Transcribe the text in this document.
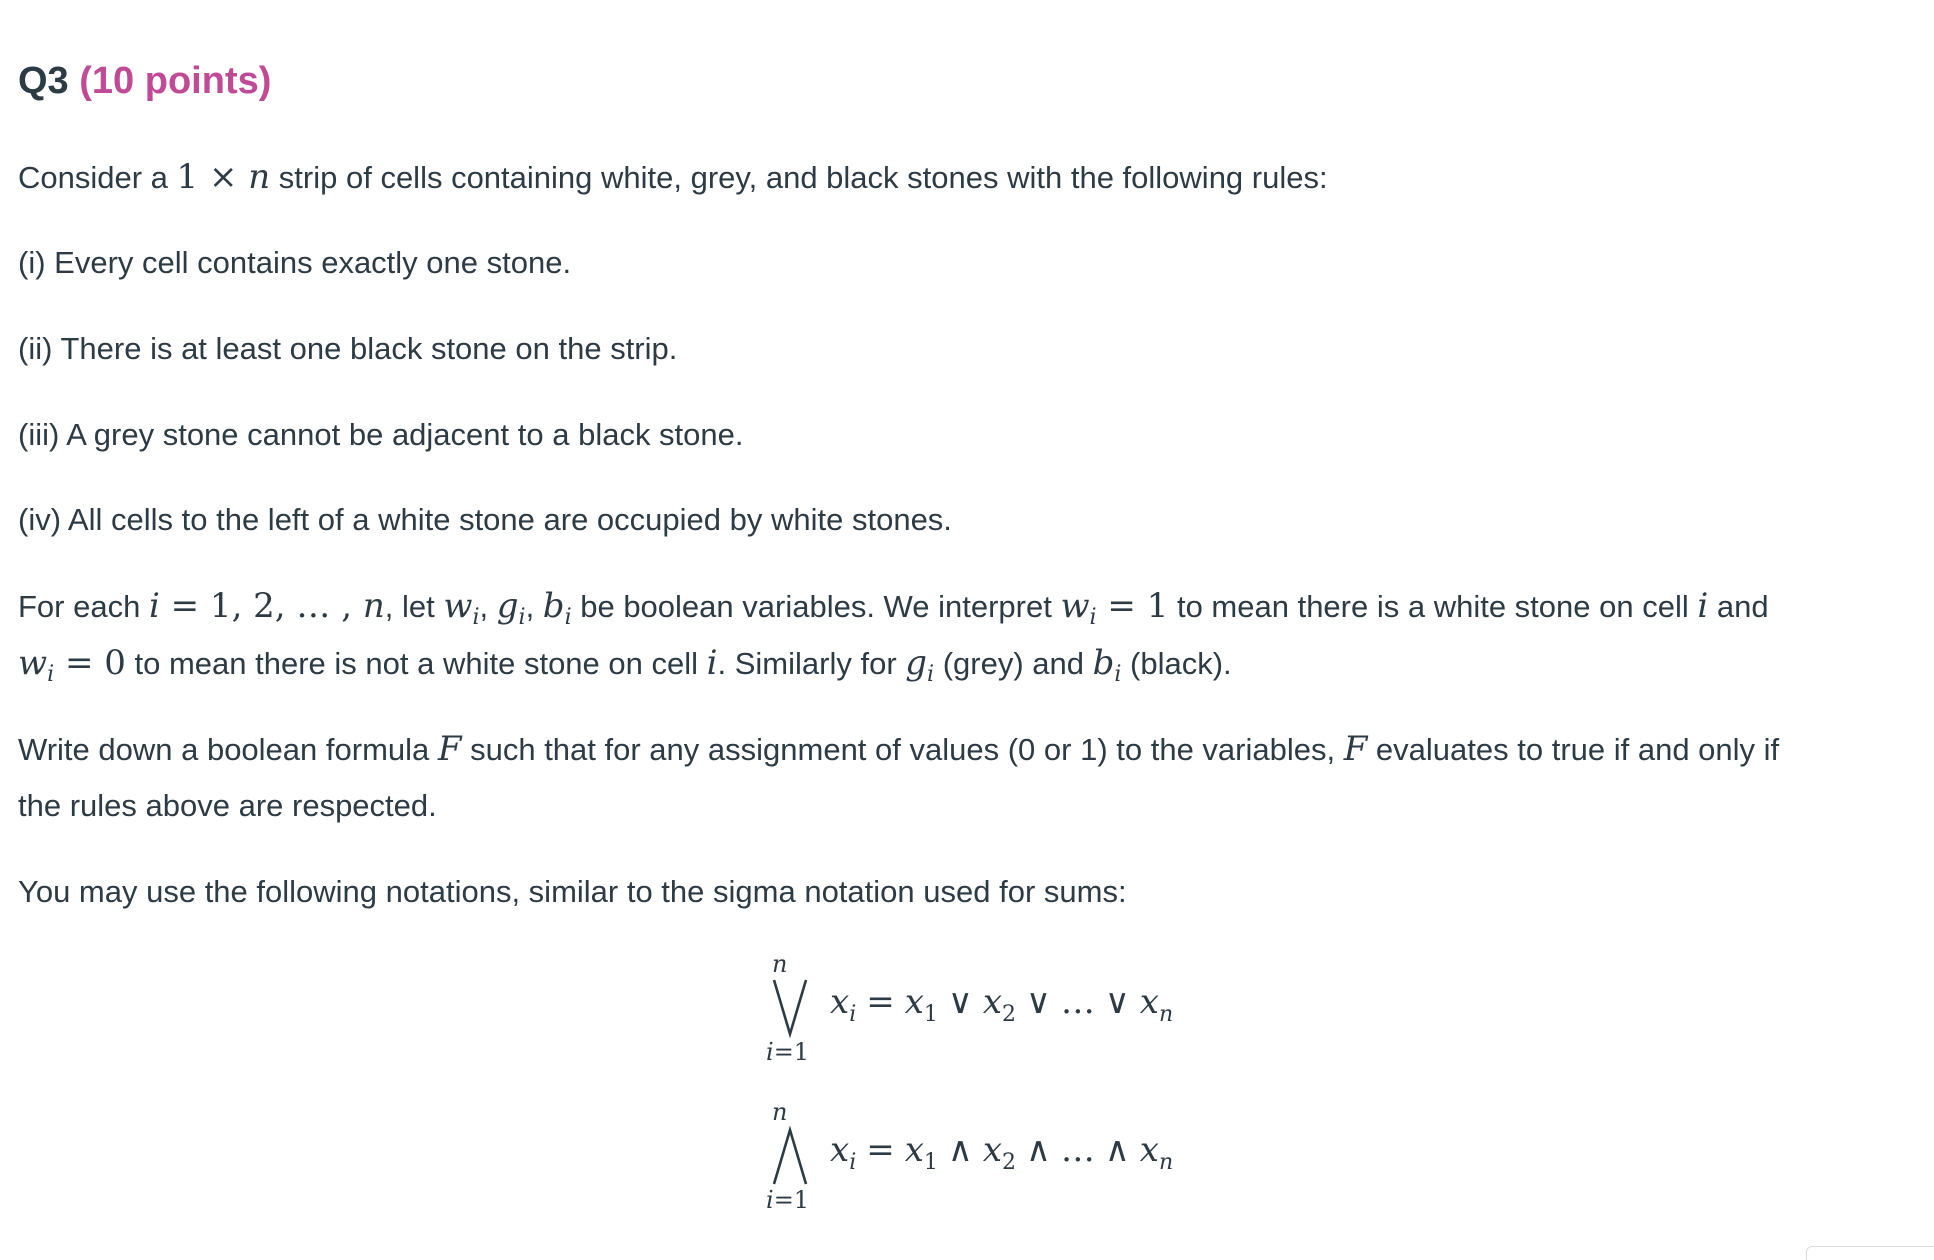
Q3 (10 points)
Consider a 1 × n strip of cells containing white, grey, and black stones with the following rules:
(i) Every cell contains exactly one stone.
(ii) There is at least one black stone on the strip.
(iii) A grey stone cannot be adjacent to a black stone.
(iv) All cells to the left of a white stone are occupied by white stones.
For each i = 1, 2, … , n, let $w_i$, $g_i$, $b_i$ be boolean variables. We interpret $w_i = 1$ to mean there is a white stone on cell i and
$w_i = 0$ to mean there is not a white stone on cell i. Similarly for $g_i$ (grey) and $b_i$ (black).
Write down a boolean formula F such that for any assignment of values (0 or 1) to the variables, F evaluates to true if and only if
the rules above are respected.
You may use the following notations, similar to the sigma notation used for sums:
n
i=1
$x_i = x_1$ ∨ $x_2$ ∨ … ∨ $x_n$
n
i=1
$x_i = x_1$ ∧ $x_2$ ∧ … ∧ $x_n$
